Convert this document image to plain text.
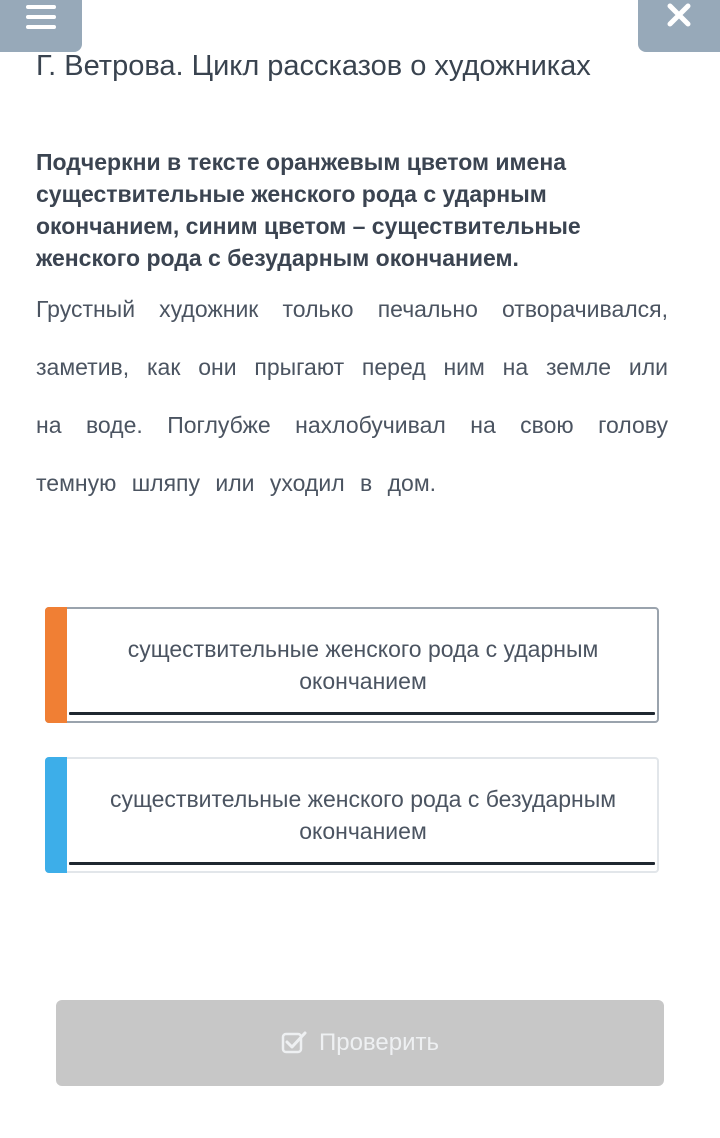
Г. Ветрова. Цикл рассказов о художниках
Подчеркни в тексте оранжевым цветом имена существительные женского рода с ударным окончанием, синим цветом – существительные женского рода с безударным окончанием.
Грустный художник только печально отворачивался, заметив, как они прыгают перед ним на земле или на воде. Поглубже нахлобучивал на свою голову темную шляпу или уходил в дом.
существительные женского рода с ударным окончанием
существительные женского рода с безударным окончанием
Проверить
